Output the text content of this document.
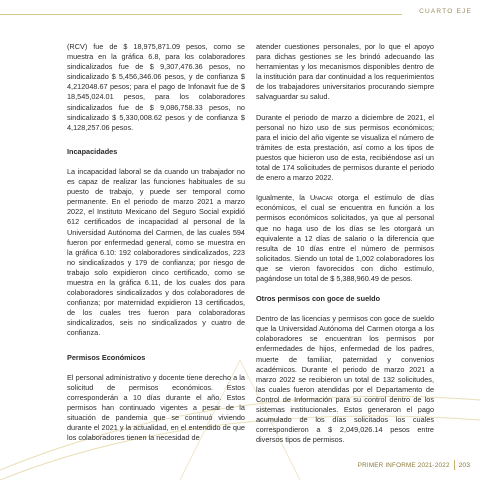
CUARTO EJE

(RCV) fue de $ 18,975,871.09 pesos, como se muestra en la gráfica 6.8, para los colaboradores sindicalizados fue de $ 9,307,476.36 pesos, no sindicalizado $ 5,456,346.06 pesos, y de confianza $ 4,212048.67 pesos; para el pago de Infonavit fue de $ 18,545,024.01 pesos, para los colaboradores sindicalizados fue de $ 9,086,758.33 pesos, no sindicalizado $ 5,330,008.62 pesos y de confianza $ 4,128,257.06 pesos.

Incapacidades

La incapacidad laboral se da cuando un trabajador no es capaz de realizar las funciones habituales de su puesto de trabajo, y puede ser temporal como permanente. En el periodo de marzo 2021 a marzo 2022, el Instituto Mexicano del Seguro Social expidió 612 certificados de incapacidad al personal de la Universidad Autónoma del Carmen, de las cuales 594 fueron por enfermedad general, como se muestra en la gráfica 6.10: 192 colaboradores sindicalizados, 223 no sindicalizados y 179 de confianza; por riesgo de trabajo solo expidieron cinco certificado, como se muestra en la gráfica 6.11, de los cuales dos para colaboradores sindicalizados y dos colaboradores de confianza; por maternidad expidieron 13 certificados, de los cuales tres fueron para colaboradoras sindicalizados, seis no sindicalizados y cuatro de confianza.

Permisos Económicos

El personal administrativo y docente tiene derecho a la solicitud de permisos económicos. Estos corresponderán a 10 días durante el año. Estos permisos han continuado vigentes a pesar de la situación de pandemia que se continuó viviendo durante el 2021 y la actualidad, en el entendido de que los colaboradores tienen la necesidad de

atender cuestiones personales, por lo que el apoyo para dichas gestiones se les brindó adecuando las herramientas y los mecanismos disponibles dentro de la institución para dar continuidad a los requerimientos de los trabajadores universitarios procurando siempre salvaguardar su salud.

Durante el periodo de marzo a diciembre de 2021, el personal no hizo uso de sus permisos económicos; para el inicio del año vigente se visualiza el número de trámites de esta prestación, así como a los tipos de puestos que hicieron uso de esta, recibiéndose así un total de 174 solicitudes de permisos durante el periodo de enero a marzo 2022.

Igualmente, la Unacar otorga el estímulo de días económicos, el cual se encuentra en función a los permisos económicos solicitados, ya que al personal que no haga uso de los días se les otorgará un equivalente a 12 días de salario o la diferencia que resulta de 10 días entre el número de permisos solicitados. Siendo un total de 1,002 colaboradores los que se vieron favorecidos con dicho estímulo, pagándose un total de $ 5,388,960.49 de pesos.

Otros permisos con goce de sueldo

Dentro de las licencias y permisos con goce de sueldo que la Universidad Autónoma del Carmen otorga a los colaboradores se encuentran los permisos por enfermedades de hijos, enfermedad de los padres, muerte de familiar, paternidad y convenios académicos. Durante el periodo de marzo 2021 a marzo 2022 se recibieron un total de 132 solicitudes, las cuales fueron atendidas por el Departamento de Control de Información para su control dentro de los sistemas institucionales. Estos generaron el pago acumulado de los días solicitados los cuales correspondieron a $ 2,049,026.14 pesos entre diversos tipos de permisos.

PRIMER INFORME 2021-2022 203
